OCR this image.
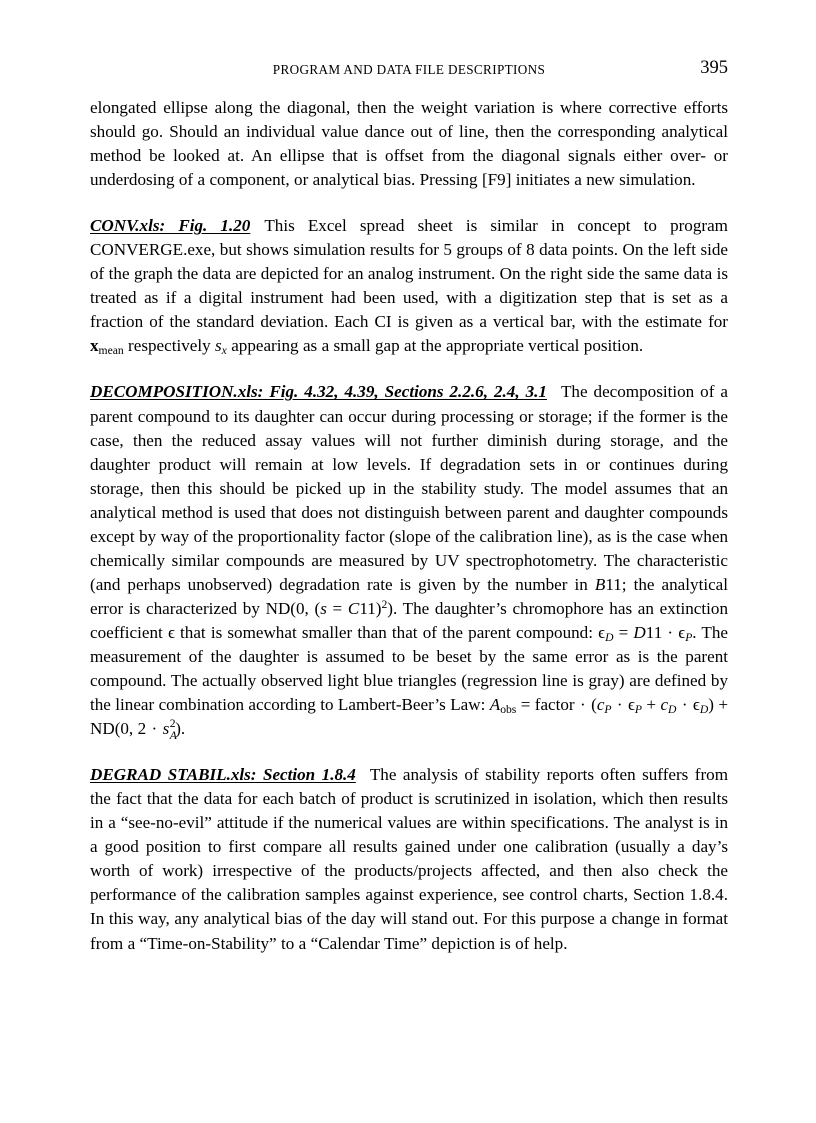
PROGRAM AND DATA FILE DESCRIPTIONS	395

elongated ellipse along the diagonal, then the weight variation is where corrective efforts should go. Should an individual value dance out of line, then the corresponding analytical method be looked at. An ellipse that is offset from the diagonal signals either over- or underdosing of a component, or analytical bias. Pressing [F9] initiates a new simulation.

CONV.xls: Fig. 1.20 This Excel spread sheet is similar in concept to program CONVERGE.exe, but shows simulation results for 5 groups of 8 data points. On the left side of the graph the data are depicted for an analog instrument. On the right side the same data is treated as if a digital instrument had been used, with a digitization step that is set as a fraction of the standard deviation. Each CI is given as a vertical bar, with the estimate for $x_{mean}$ respectively $s_x$ appearing as a small gap at the appropriate vertical position.

DECOMPOSITION.xls: Fig. 4.32, 4.39, Sections 2.2.6, 2.4, 3.1 The decomposition of a parent compound to its daughter can occur during processing or storage; if the former is the case, then the reduced assay values will not further diminish during storage, and the daughter product will remain at low levels. If degradation sets in or continues during storage, then this should be picked up in the stability study. The model assumes that an analytical method is used that does not distinguish between parent and daughter compounds except by way of the proportionality factor (slope of the calibration line), as is the case when chemically similar compounds are measured by UV spectrophotometry. The characteristic (and perhaps unobserved) degradation rate is given by the number in B11; the analytical error is characterized by ND(0, (s = C11)$^2$). The daughter’s chromophore has an extinction coefficient ϵ that is somewhat smaller than that of the parent compound: $\epsilon_D = D11 \cdot \epsilon_P$. The measurement of the daughter is assumed to be beset by the same error as is the parent compound. The actually observed light blue triangles (regression line is gray) are defined by the linear combination according to Lambert-Beer’s Law: $A_{obs}$ = factor · $(c_P \cdot \epsilon_P + c_D \cdot \epsilon_D) + ND(0$, 2 · s A
2 ).

DEGRAD STABIL.xls: Section 1.8.4 The analysis of stability reports often suffers from the fact that the data for each batch of product is scrutinized in isolation, which then results in a “see-no-evil” attitude if the numerical values are within specifications. The analyst is in a good position to first compare all results gained under one calibration (usually a day’s worth of work) irrespective of the products/projects affected, and then also check the performance of the calibration samples against experience, see control charts, Section 1.8.4. In this way, any analytical bias of the day will stand out. For this purpose a change in format from a “Time-on-Stability” to a “Calendar Time” depiction is of help.
